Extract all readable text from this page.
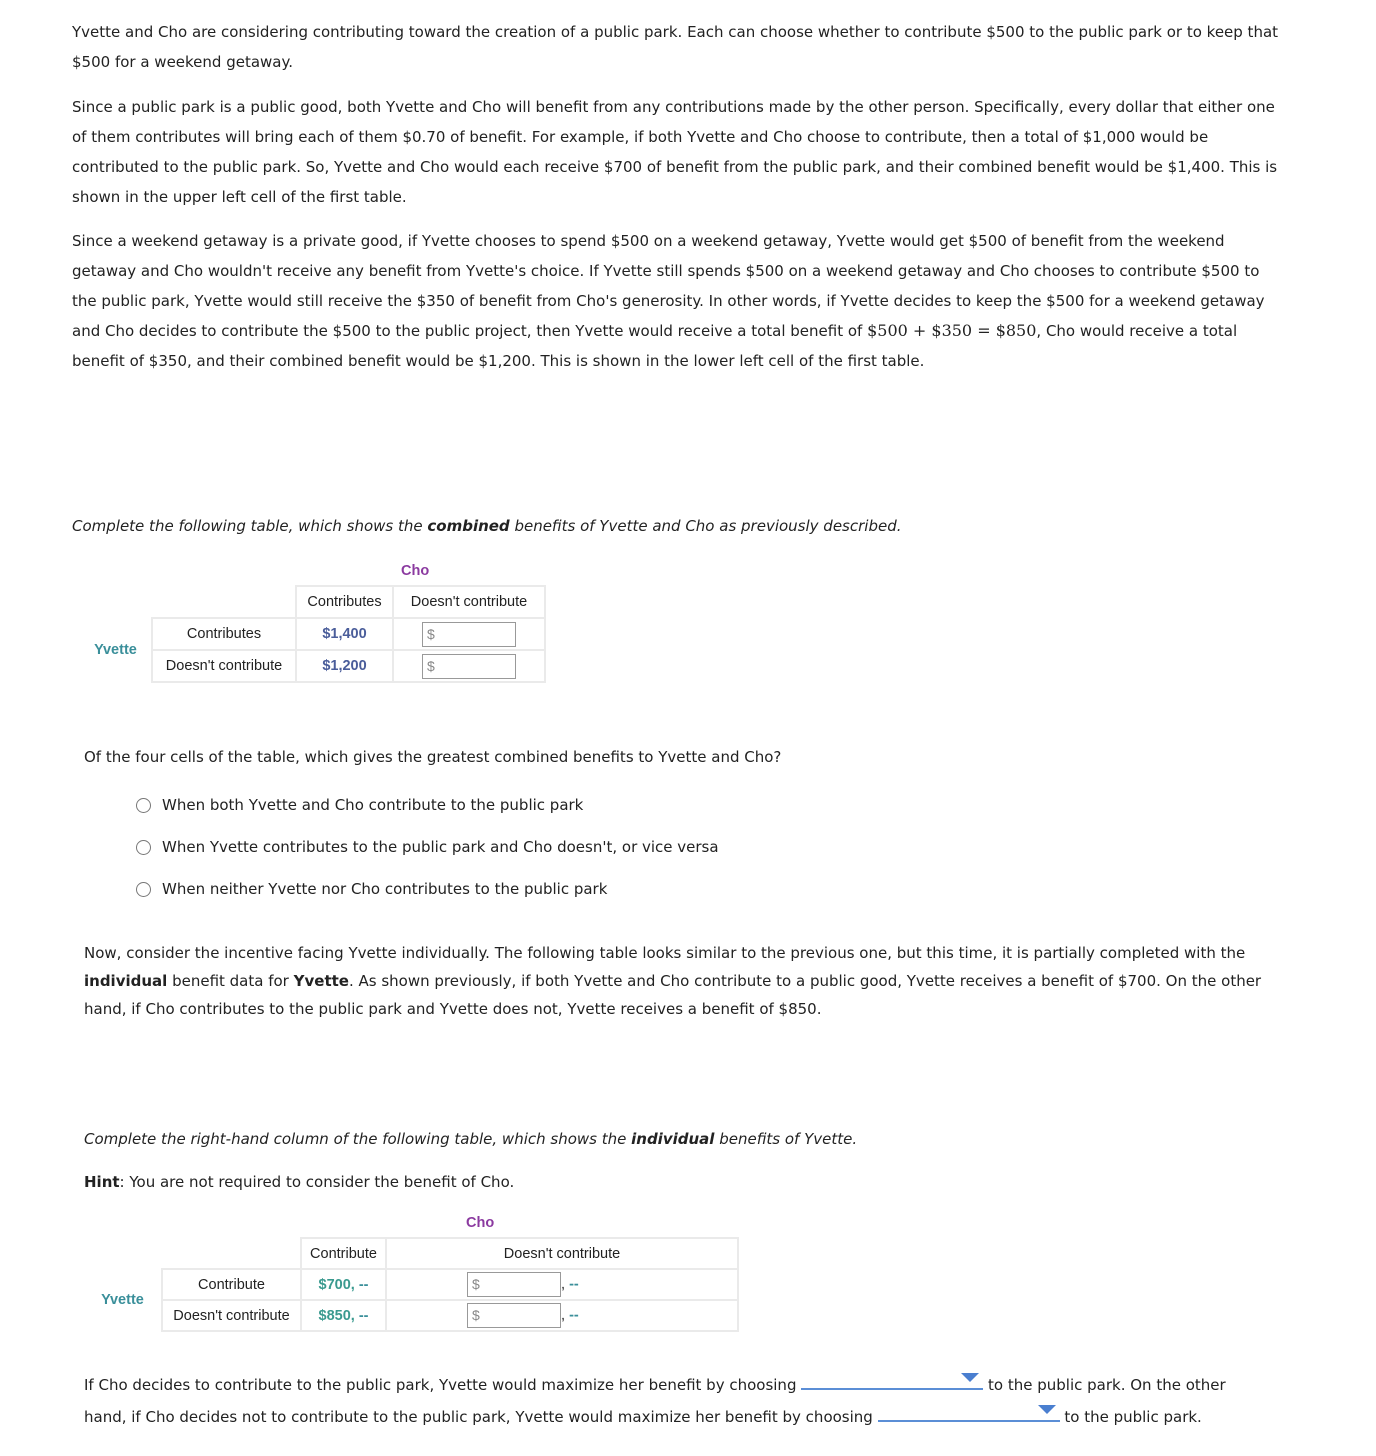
Yvette and Cho are considering contributing toward the creation of a public park. Each can choose whether to contribute $500 to the public park or to keep that $500 for a weekend getaway.

Since a public park is a public good, both Yvette and Cho will benefit from any contributions made by the other person. Specifically, every dollar that either one of them contributes will bring each of them $0.70 of benefit. For example, if both Yvette and Cho choose to contribute, then a total of $1,000 would be contributed to the public park. So, Yvette and Cho would each receive $700 of benefit from the public park, and their combined benefit would be $1,400. This is shown in the upper left cell of the first table.

Since a weekend getaway is a private good, if Yvette chooses to spend $500 on a weekend getaway, Yvette would get $500 of benefit from the weekend getaway and Cho wouldn't receive any benefit from Yvette's choice. If Yvette still spends $500 on a weekend getaway and Cho chooses to contribute $500 to the public park, Yvette would still receive the $350 of benefit from Cho's generosity. In other words, if Yvette decides to keep the $500 for a weekend getaway and Cho decides to contribute the $500 to the public project, then Yvette would receive a total benefit of $500 + $350 = $850, Cho would receive a total benefit of $350, and their combined benefit would be $1,200. This is shown in the lower left cell of the first table.

Complete the following table, which shows the combined benefits of Yvette and Cho as previously described.

			Cho
		Contributes	Doesn't contribute
Yvette	Contributes	$1,400	$
	Doesn't contribute	$1,200	$

Of the four cells of the table, which gives the greatest combined benefits to Yvette and Cho?

When both Yvette and Cho contribute to the public park
When Yvette contributes to the public park and Cho doesn't, or vice versa
When neither Yvette nor Cho contributes to the public park

Now, consider the incentive facing Yvette individually. The following table looks similar to the previous one, but this time, it is partially completed with the individual benefit data for Yvette. As shown previously, if both Yvette and Cho contribute to a public good, Yvette receives a benefit of $700. On the other hand, if Cho contributes to the public park and Yvette does not, Yvette receives a benefit of $850.

Complete the right-hand column of the following table, which shows the individual benefits of Yvette.

Hint: You are not required to consider the benefit of Cho.

			Cho
		Contribute	Doesn't contribute
Yvette	Contribute	$700, --	$ , --
	Doesn't contribute	$850, --	$ , --

If Cho decides to contribute to the public park, Yvette would maximize her benefit by choosing	to the public park. On the other hand, if Cho decides not to contribute to the public park, Yvette would maximize her benefit by choosing	to the public park.
